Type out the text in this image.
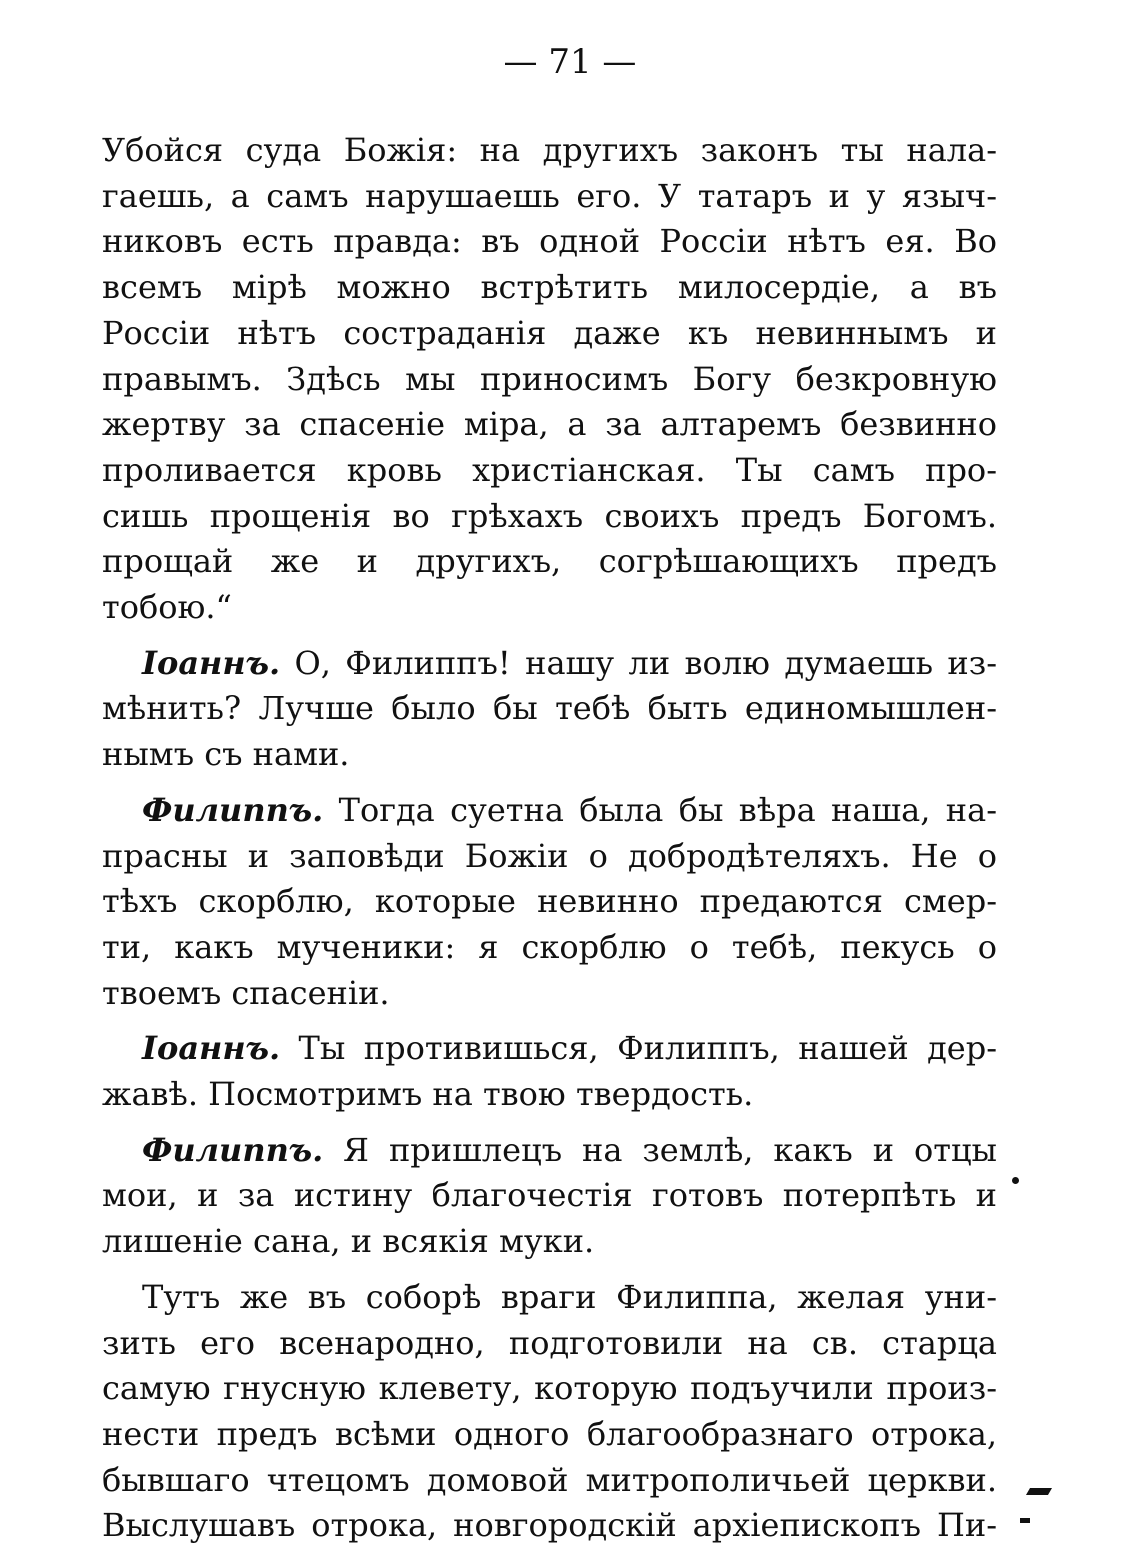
— 71 —
Убойся суда Божія: на другихъ законъ ты нала-
гаешь, а самъ нарушаешь его. У татаръ и у языч-
никовъ есть правда: въ одной Россіи нѣтъ ея. Во
всемъ мірѣ можно встрѣтить милосердіе, а въ
Россіи нѣтъ состраданія даже къ невиннымъ и
правымъ. Здѣсь мы приносимъ Богу безкровную
жертву за спасеніе міра, а за алтаремъ безвинно
проливается кровь христіанская. Ты самъ про-
сишь прощенія во грѣхахъ своихъ предъ Богомъ.
прощай же и другихъ, согрѣшающихъ предъ
тобою.“
Іоаннъ. О, Филиппъ! нашу ли волю думаешь из-
мѣнить? Лучше было бы тебѣ быть единомышлен-
нымъ съ нами.
Филиппъ. Тогда суетна была бы вѣра наша, на-
прасны и заповѣди Божіи о добродѣтеляхъ. Не о
тѣхъ скорблю, которые невинно предаются смер-
ти, какъ мученики: я скорблю о тебѣ, пекусь о
твоемъ спасеніи.
Іоаннъ. Ты противишься, Филиппъ, нашей дер-
жавѣ. Посмотримъ на твою твердость.
Филиппъ. Я пришлецъ на землѣ, какъ и отцы
мои, и за истину благочестія готовъ потерпѣть и
лишеніе сана, и всякія муки.
Тутъ же въ соборѣ враги Филиппа, желая уни-
зить его всенародно, подготовили на св. старца
самую гнусную клевету, которую подъучили произ-
нести предъ всѣми одного благообразнаго отрока,
бывшаго чтецомъ домовой митрополичьей церкви.
Выслушавъ отрока, новгородскій архіепископъ Пи-
